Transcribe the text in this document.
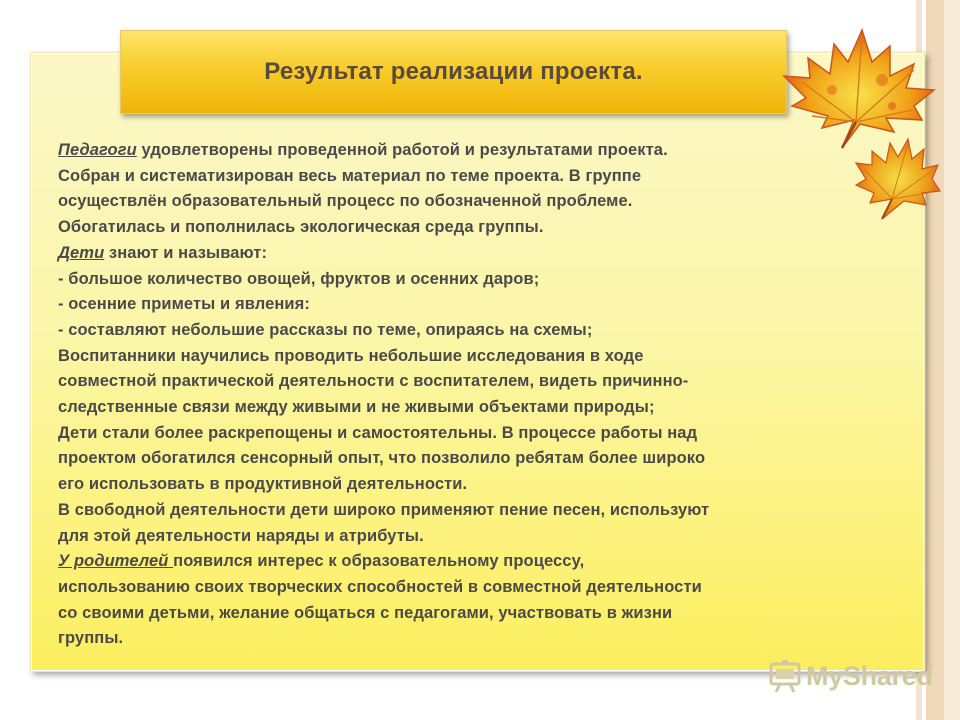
Результат реализации проекта.
Педагоги удовлетворены проведенной работой и результатами проекта.
Собран и систематизирован весь материал по теме проекта. В группе
осуществлён образовательный процесс по обозначенной проблеме.
Обогатилась и пополнилась экологическая среда группы.
Дети знают и называют:
- большое количество овощей, фруктов и осенних даров;
- осенние приметы и явления:
- составляют небольшие рассказы по теме, опираясь на схемы;
Воспитанники научились проводить небольшие исследования в ходе
совместной практической деятельности с воспитателем, видеть причинно-
следственные связи между живыми и не живыми объектами природы;
Дети стали более раскрепощены и самостоятельны. В процессе работы над
проектом обогатился сенсорный опыт, что позволило ребятам более широко
его использовать в продуктивной деятельности.
В свободной деятельности дети широко применяют пение песен, используют
для этой деятельности наряды и атрибуты.
У родителей появился интерес к образовательному процессу,
использованию своих творческих способностей в совместной деятельности
со своими детьми, желание общаться с педагогами, участвовать в жизни
группы.
MyShared
